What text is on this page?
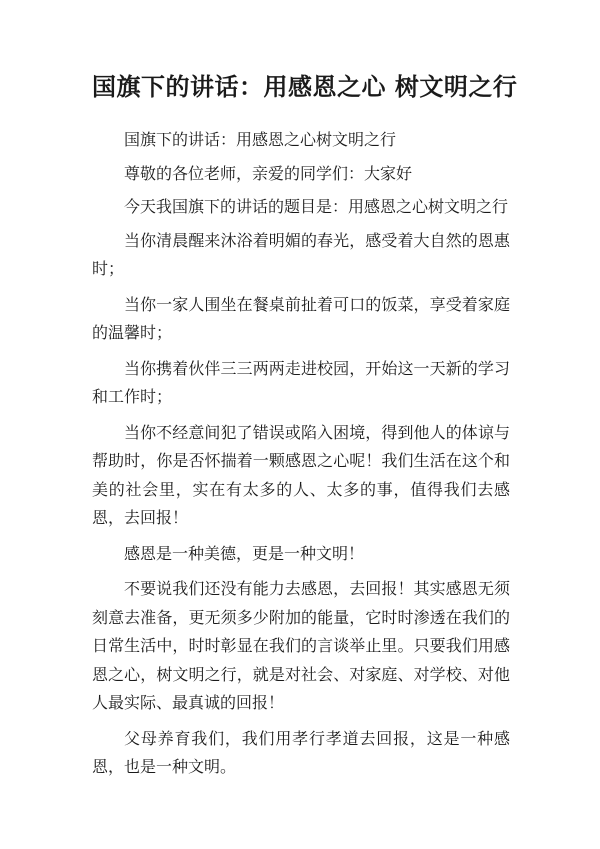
国旗下的讲话：用感恩之心 树文明之行

国旗下的讲话：用感恩之心树文明之行

尊敬的各位老师，亲爱的同学们：大家好

今天我国旗下的讲话的题目是：用感恩之心树文明之行

当你清晨醒来沐浴着明媚的春光，感受着大自然的恩惠时；

当你一家人围坐在餐桌前扯着可口的饭菜，享受着家庭的温馨时；

当你携着伙伴三三两两走进校园，开始这一天新的学习和工作时；

当你不经意间犯了错误或陷入困境，得到他人的体谅与帮助时，你是否怀揣着一颗感恩之心呢！我们生活在这个和美的社会里，实在有太多的人、太多的事，值得我们去感恩，去回报！

感恩是一种美德，更是一种文明！

不要说我们还没有能力去感恩，去回报！其实感恩无须刻意去准备，更无须多少附加的能量，它时时渗透在我们的日常生活中，时时彰显在我们的言谈举止里。只要我们用感恩之心，树文明之行，就是对社会、对家庭、对学校、对他人最实际、最真诚的回报！

父母养育我们，我们用孝行孝道去回报，这是一种感恩，也是一种文明。
